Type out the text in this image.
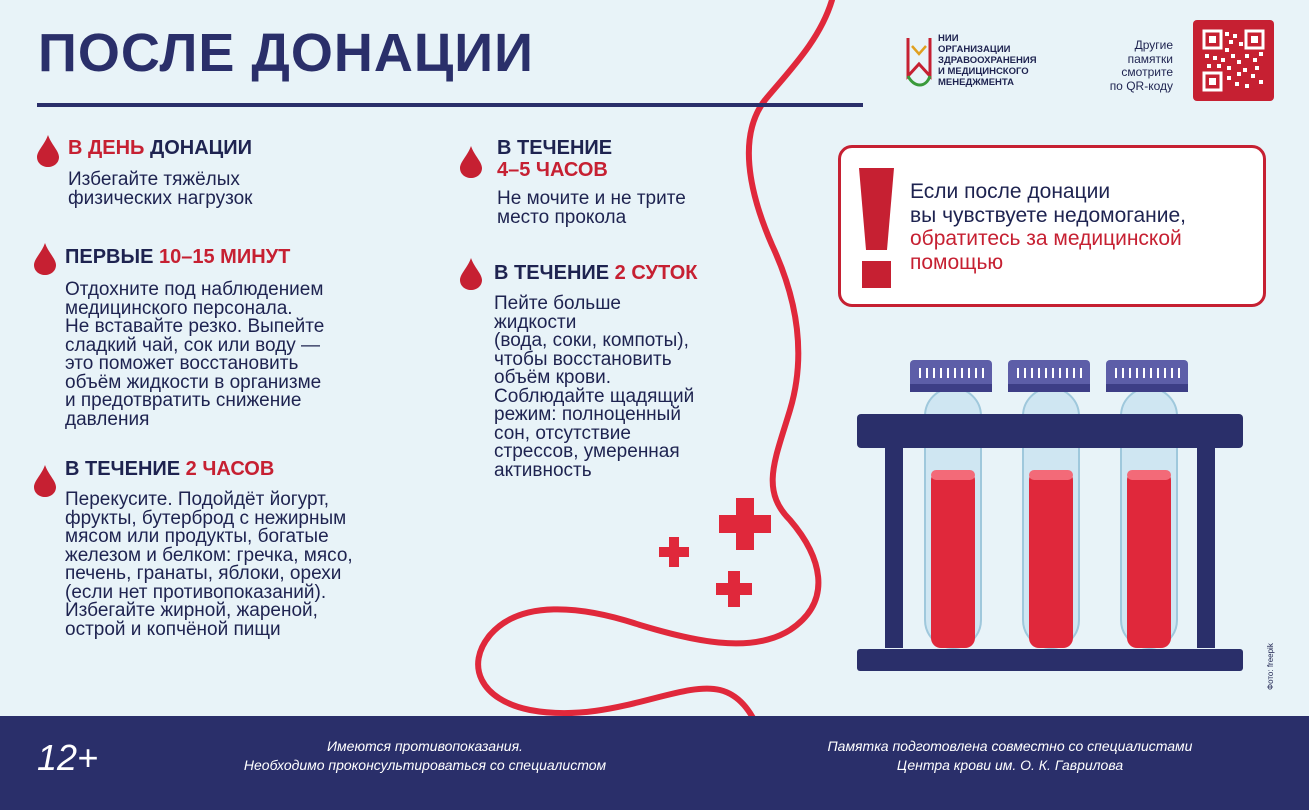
ПОСЛЕ ДОНАЦИИ	НИИ
ОРГАНИЗАЦИИ
ЗДРАВООХРАНЕНИЯ
И МЕДИЦИНСКОГО
МЕНЕДЖМЕНТА
Другие
памятки
смотрите
по QR-коду
В ДЕНЬ ДОНАЦИИ
Избегайте тяжёлых
физических нагрузок
ПЕРВЫЕ 10–15 МИНУТ
Отдохните под наблюдением
медицинского персонала.
Не вставайте резко. Выпейте
сладкий чай, сок или воду —
это поможет восстановить
объём жидкости в организме
и предотвратить снижение
давления
В ТЕЧЕНИЕ 2 ЧАСОВ
Перекусите. Подойдёт йогурт,
фрукты, бутерброд с нежирным
мясом или продукты, богатые
железом и белком: гречка, мясо,
печень, гранаты, яблоки, орехи
(если нет противопоказаний).
Избегайте жирной, жареной,
острой и копчёной пищи
В ТЕЧЕНИЕ
4–5 ЧАСОВ
Не мочите и не трите
место прокола
В ТЕЧЕНИЕ 2 СУТОК
Пейте больше
жидкости
(вода, соки, компоты),
чтобы восстановить
объём крови.
Соблюдайте щадящий
режим: полноценный
сон, отсутствие
стрессов, умеренная
активность
Если после донации
вы чувствуете недомогание,
обратитесь за медицинской
помощью
Фото: freepik
12+	Имеются противопоказания.
Необходимо проконсультироваться со специалистом
Памятка подготовлена совместно со специалистами
Центра крови им. О. К. Гаврилова
